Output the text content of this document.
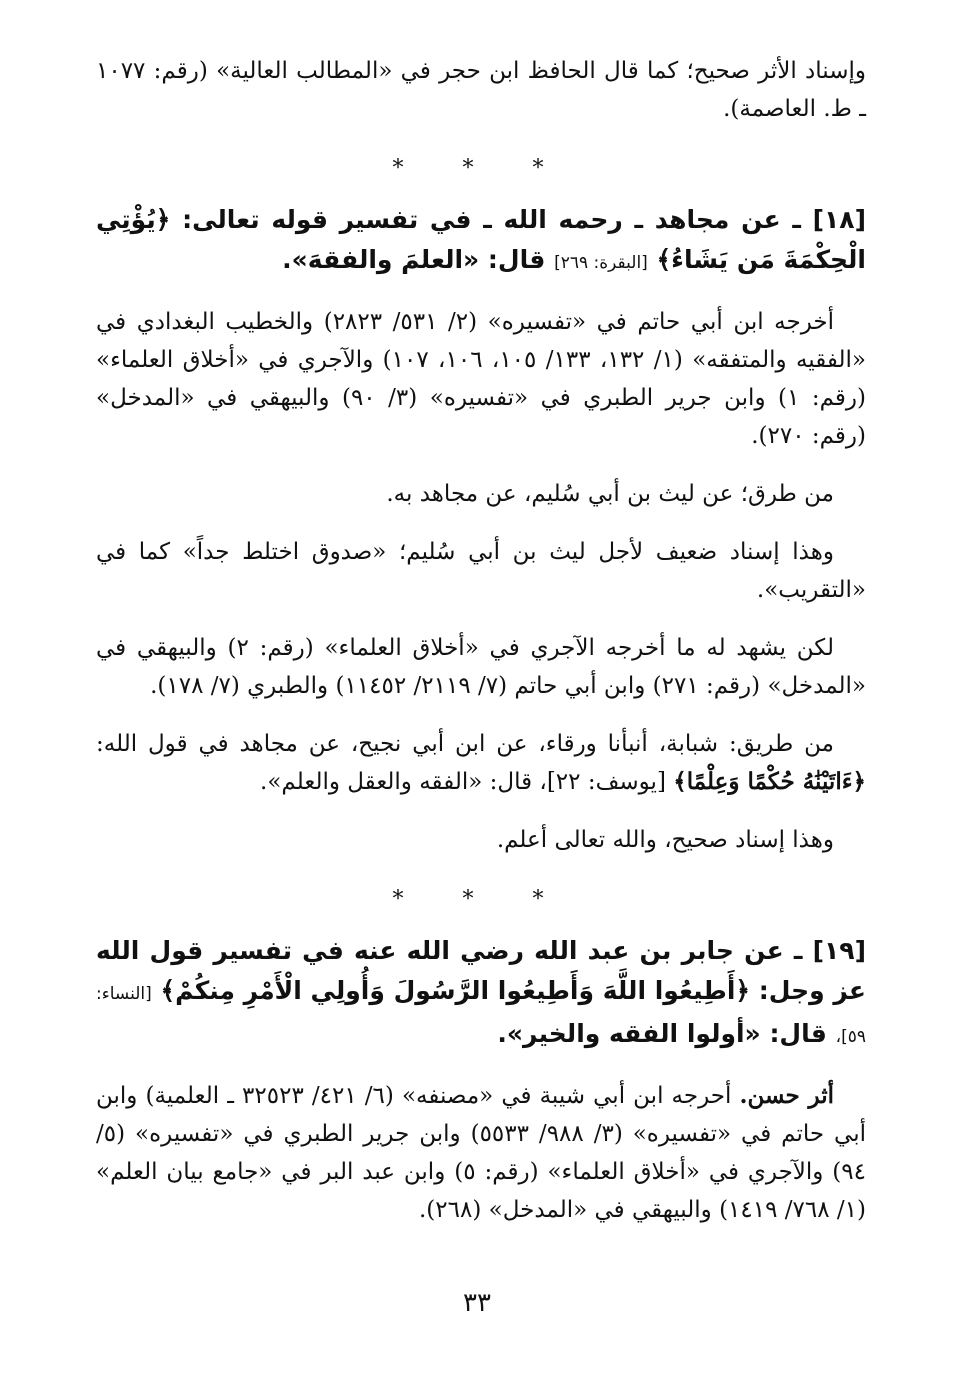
وإسناد الأثر صحيح؛ كما قال الحافظ ابن حجر في «المطالب العالية» (رقم: ١٠٧٧ ـ ط. العاصمة).

* * *
[١٨] ـ عن مجاهد ـ رحمه الله ـ في تفسير قوله تعالى: ﴿يُؤْتِي الْحِكْمَةَ مَن يَشَاءُ﴾ [البقرة: ٢٦٩] قال: «العلمَ والفقهَ».

أخرجه ابن أبي حاتم في «تفسيره» (٢/ ٥٣١/ ٢٨٢٣) والخطيب البغدادي في «الفقيه والمتفقه» (١/ ١٣٢، ١٣٣/ ١٠٥، ١٠٦، ١٠٧) والآجري في «أخلاق العلماء» (رقم: ١) وابن جرير الطبري في «تفسيره» (٣/ ٩٠) والبيهقي في «المدخل» (رقم: ٢٧٠).

من طرق؛ عن ليث بن أبي سُليم، عن مجاهد به.

وهذا إسناد ضعيف لأجل ليث بن أبي سُليم؛ «صدوق اختلط جداً» كما في «التقريب».

لكن يشهد له ما أخرجه الآجري في «أخلاق العلماء» (رقم: ٢) والبيهقي في «المدخل» (رقم: ٢٧١) وابن أبي حاتم (٧/ ٢١١٩/ ١١٤٥٢) والطبري (٧/ ١٧٨).

من طريق: شبابة، أنبأنا ورقاء، عن ابن أبي نجيح، عن مجاهد في قول الله: ﴿ءَاتَيْنَٰهُ حُكْمًا وَعِلْمًا﴾ [يوسف: ٢٢]، قال: «الفقه والعقل والعلم».

وهذا إسناد صحيح، والله تعالى أعلم.

* * *
[١٩] ـ عن جابر بن عبد الله رضي الله عنه في تفسير قول الله عز وجل: ﴿أَطِيعُوا اللَّهَ وَأَطِيعُوا الرَّسُولَ وَأُولِي الْأَمْرِ مِنكُمْ﴾ [النساء: ٥٩]، قال: «أولوا الفقه والخير».

أثر حسن. أحرجه ابن أبي شيبة في «مصنفه» (٦/ ٤٢١/ ٣٢٥٢٣ ـ العلمية) وابن أبي حاتم في «تفسيره» (٣/ ٩٨٨/ ٥٥٣٣) وابن جرير الطبري في «تفسيره» (٥/ ٩٤) والآجري في «أخلاق العلماء» (رقم: ٥) وابن عبد البر في «جامع بيان العلم» (١/ ٧٦٨/ ١٤١٩) والبيهقي في «المدخل» (٢٦٨).

٣٣
